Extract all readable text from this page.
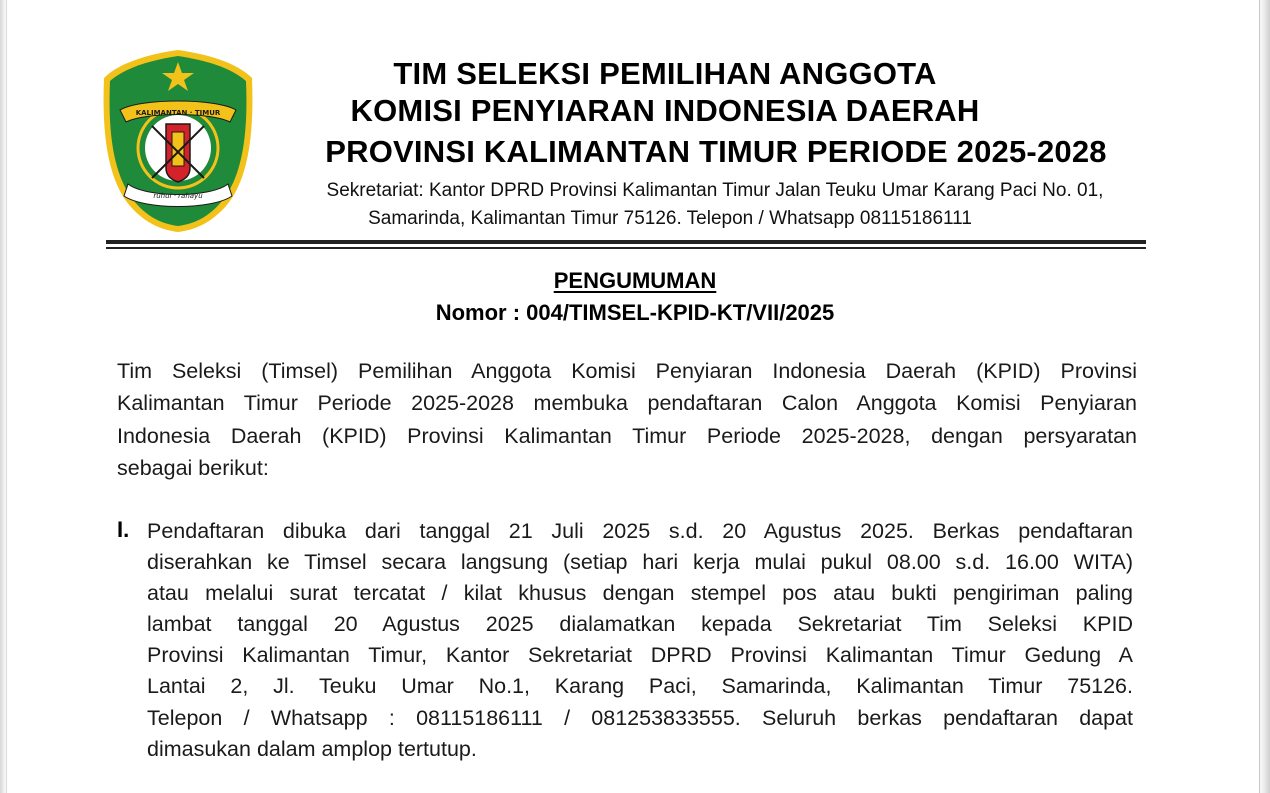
KALIMANTAN · TIMUR
ruhui · rahayu
TIM SELEKSI PEMILIHAN ANGGOTA
KOMISI PENYIARAN INDONESIA DAERAH
PROVINSI KALIMANTAN TIMUR PERIODE 2025-2028
Sekretariat: Kantor DPRD Provinsi Kalimantan Timur Jalan Teuku Umar Karang Paci No. 01,
Samarinda, Kalimantan Timur 75126. Telepon / Whatsapp 08115186111
PENGUMUMAN
Nomor : 004/TIMSEL-KPID-KT/VII/2025
Tim Seleksi (Timsel) Pemilihan Anggota Komisi Penyiaran Indonesia Daerah (KPID) Provinsi
Kalimantan Timur Periode 2025-2028 membuka pendaftaran Calon Anggota Komisi Penyiaran
Indonesia Daerah (KPID) Provinsi Kalimantan Timur Periode 2025-2028, dengan persyaratan
sebagai berikut:
I. Pendaftaran dibuka dari tanggal 21 Juli 2025 s.d. 20 Agustus 2025. Berkas pendaftaran
diserahkan ke Timsel secara langsung (setiap hari kerja mulai pukul 08.00 s.d. 16.00 WITA)
atau melalui surat tercatat / kilat khusus dengan stempel pos atau bukti pengiriman paling
lambat tanggal 20 Agustus 2025 dialamatkan kepada Sekretariat Tim Seleksi KPID
Provinsi Kalimantan Timur, Kantor Sekretariat DPRD Provinsi Kalimantan Timur Gedung A
Lantai 2, Jl. Teuku Umar No.1, Karang Paci, Samarinda, Kalimantan Timur 75126.
Telepon / Whatsapp : 08115186111 / 081253833555. Seluruh berkas pendaftaran dapat
dimasukan dalam amplop tertutup.
